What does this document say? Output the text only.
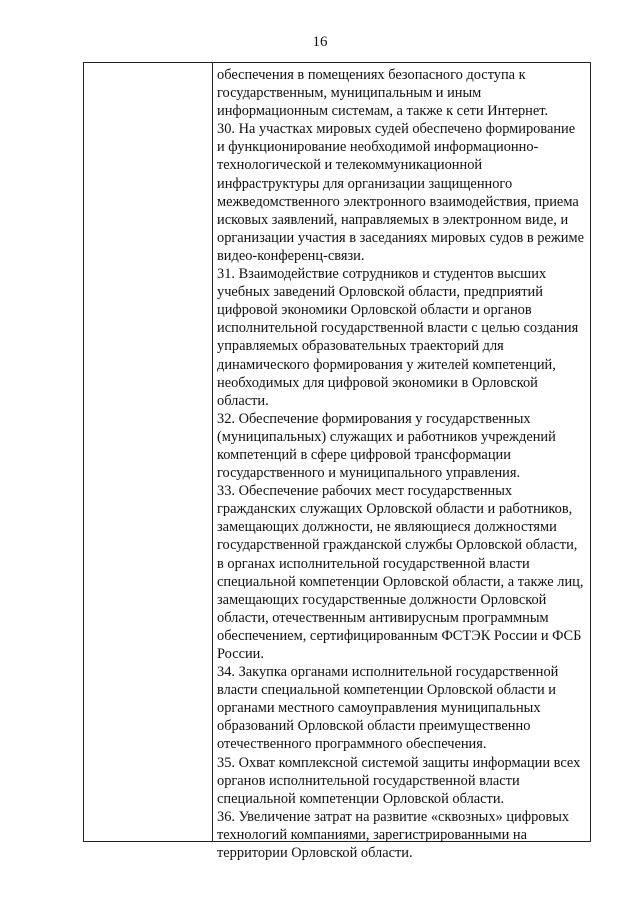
16

обеспечения в помещениях безопасного доступа к государственным, муниципальным и иным информационным системам, а также к сети Интернет.

30. На участках мировых судей обеспечено формирование и функционирование необходимой информационно-технологической и телекоммуникационной инфраструктуры для организации защищенного межведомственного электронного взаимодействия, приема исковых заявлений, направляемых в электронном виде, и организации участия в заседаниях мировых судов в режиме видео-конференц-связи.

31. Взаимодействие сотрудников и студентов высших учебных заведений Орловской области, предприятий цифровой экономики Орловской области и органов исполнительной государственной власти с целью создания управляемых образовательных траекторий для динамического формирования у жителей компетенций, необходимых для цифровой экономики в Орловской области.

32. Обеспечение формирования у государственных (муниципальных) служащих и работников учреждений компетенций в сфере цифровой трансформации государственного и муниципального управления.

33. Обеспечение рабочих мест государственных гражданских служащих Орловской области и работников, замещающих должности, не являющиеся должностями государственной гражданской службы Орловской области, в органах исполнительной государственной власти специальной компетенции Орловской области, а также лиц, замещающих государственные должности Орловской области, отечественным антивирусным программным обеспечением, сертифицированным ФСТЭК России и ФСБ России.

34. Закупка органами исполнительной государственной власти специальной компетенции Орловской области и органами местного самоуправления муниципальных образований Орловской области преимущественно отечественного программного обеспечения.

35. Охват комплексной системой защиты информации всех органов исполнительной государственной власти специальной компетенции Орловской области.

36. Увеличение затрат на развитие «сквозных» цифровых технологий компаниями, зарегистрированными на территории Орловской области.
